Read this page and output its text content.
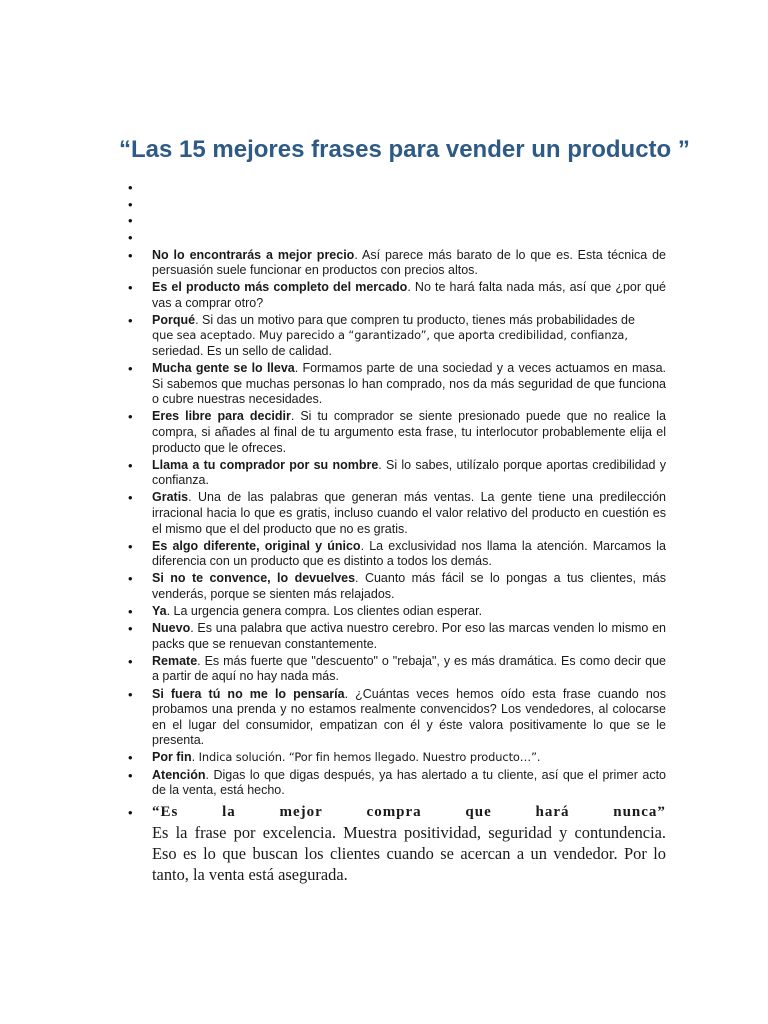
“Las 15 mejores frases para vender un producto ”
•
•
•
•
• No lo encontrarás a mejor precio. Así parece más barato de lo que es. Esta técnica de persuasión suele funcionar en productos con precios altos.
• Es el producto más completo del mercado. No te hará falta nada más, así que ¿por qué vas a comprar otro?
• Porqué. Si das un motivo para que compren tu producto, tienes más probabilidades de
que sea aceptado. Muy parecido a “garantizado”, que aporta credibilidad, confianza,
seriedad. Es un sello de calidad.
• Mucha gente se lo lleva. Formamos parte de una sociedad y a veces actuamos en masa. Si sabemos que muchas personas lo han comprado, nos da más seguridad de que funciona o cubre nuestras necesidades.
• Eres libre para decidir. Si tu comprador se siente presionado puede que no realice la compra, si añades al final de tu argumento esta frase, tu interlocutor probablemente elija el producto que le ofreces.
• Llama a tu comprador por su nombre. Si lo sabes, utilízalo porque aportas credibilidad y confianza.
• Gratis. Una de las palabras que generan más ventas. La gente tiene una predilección irracional hacia lo que es gratis, incluso cuando el valor relativo del producto en cuestión es el mismo que el del producto que no es gratis.
• Es algo diferente, original y único. La exclusividad nos llama la atención. Marcamos la diferencia con un producto que es distinto a todos los demás.
• Si no te convence, lo devuelves. Cuanto más fácil se lo pongas a tus clientes, más venderás, porque se sienten más relajados.
• Ya. La urgencia genera compra. Los clientes odian esperar.
• Nuevo. Es una palabra que activa nuestro cerebro. Por eso las marcas venden lo mismo en packs que se renuevan constantemente.
• Remate. Es más fuerte que "descuento" o "rebaja", y es más dramática. Es como decir que a partir de aquí no hay nada más.
• Si fuera tú no me lo pensaría. ¿Cuántas veces hemos oído esta frase cuando nos probamos una prenda y no estamos realmente convencidos? Los vendedores, al colocarse en el lugar del consumidor, empatizan con él y éste valora positivamente lo que se le presenta.
• Por fin. Indica solución. “Por fin hemos llegado. Nuestro producto…”.
• Atención. Digas lo que digas después, ya has alertado a tu cliente, así que el primer acto de la venta, está hecho.
• “Es	la	mejor	compra	que	hará	nunca”
Es la frase por excelencia. Muestra positividad, seguridad y contundencia. Eso es lo que buscan los clientes cuando se acercan a un vendedor. Por lo tanto, la venta está asegurada.
